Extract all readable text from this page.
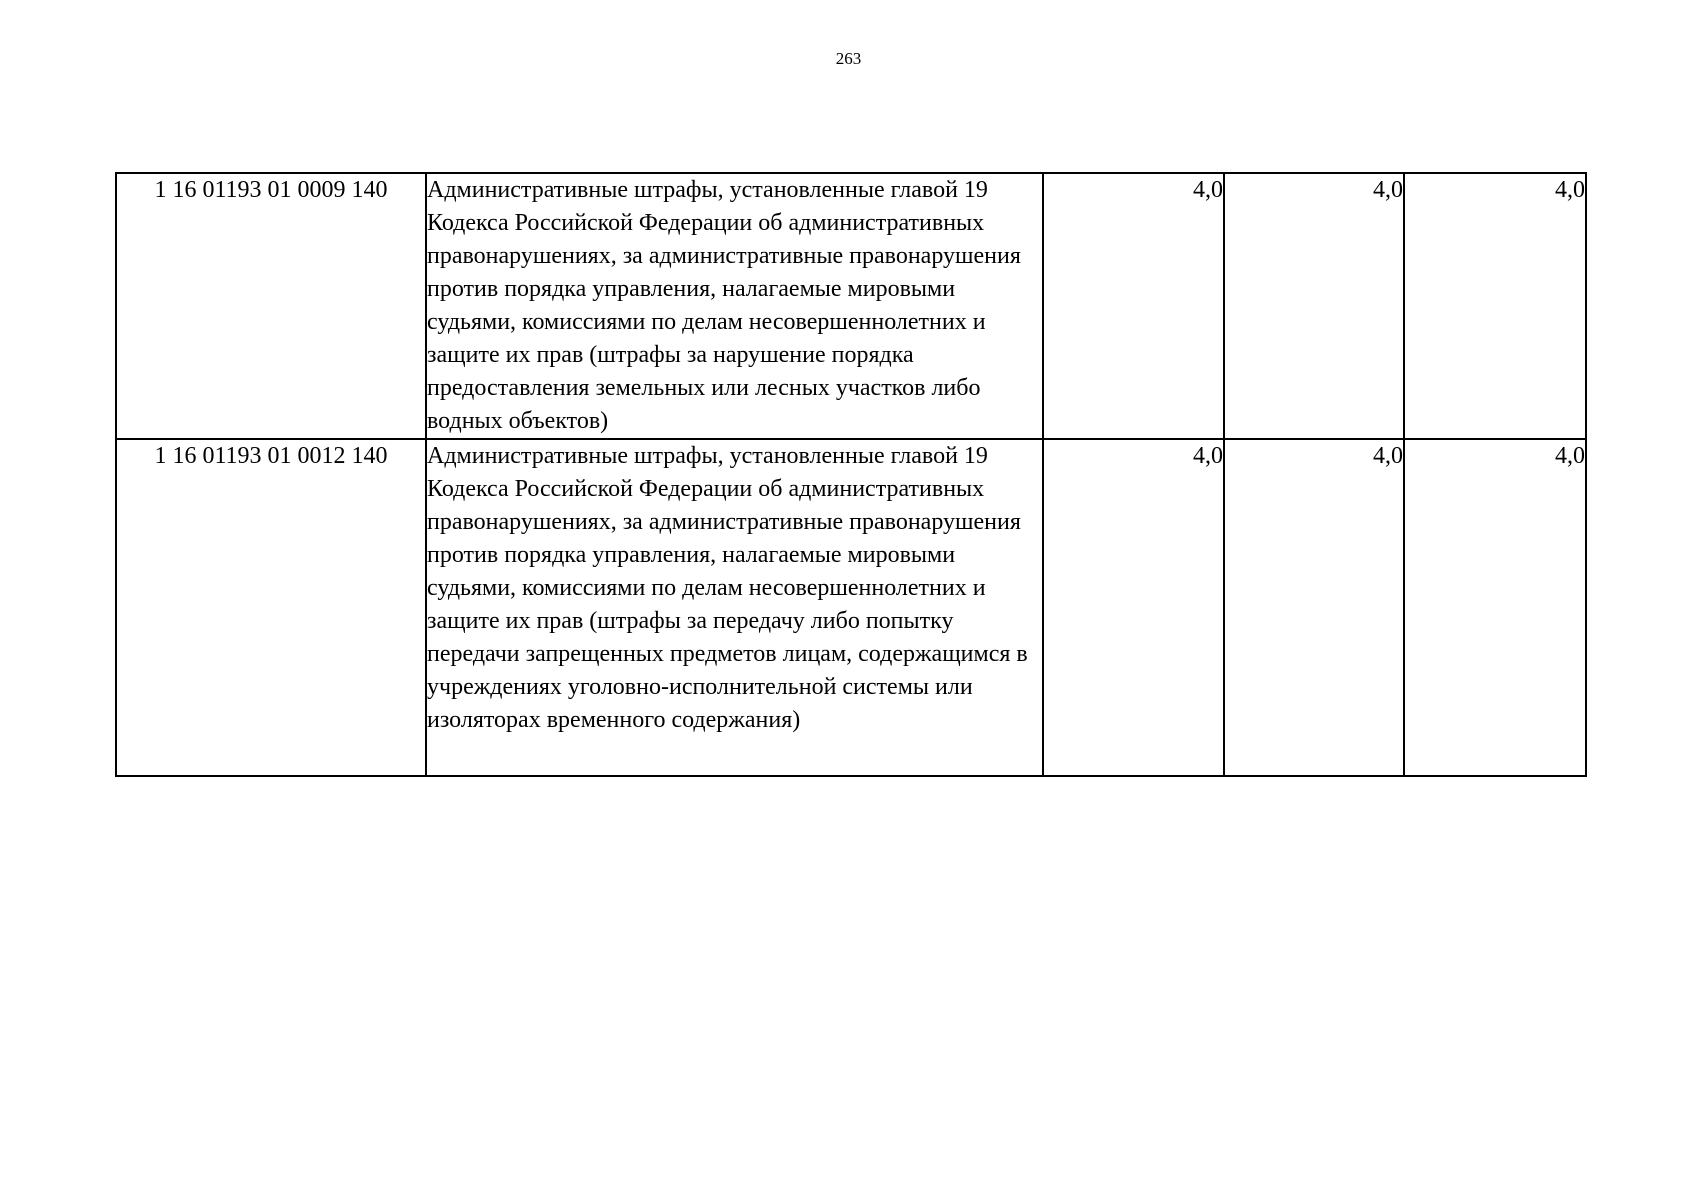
263
1 16 01193 01 0009 140	Административные штрафы, установленные главой 19 Кодекса Российской Федерации об административных правонарушениях, за административные правонарушения против порядка управления, налагаемые мировыми судьями, комиссиями по делам несовершеннолетних и защите их прав (штрафы за нарушение порядка предоставления земельных или лесных участков либо водных объектов)	4,0	4,0	4,0
1 16 01193 01 0012 140	Административные штрафы, установленные главой 19 Кодекса Российской Федерации об административных правонарушениях, за административные правонарушения против порядка управления, налагаемые мировыми судьями, комиссиями по делам несовершеннолетних и защите их прав (штрафы за передачу либо попытку передачи запрещенных предметов лицам, содержащимся в учреждениях уголовно-исполнительной системы или изоляторах временного содержания)	4,0	4,0	4,0
